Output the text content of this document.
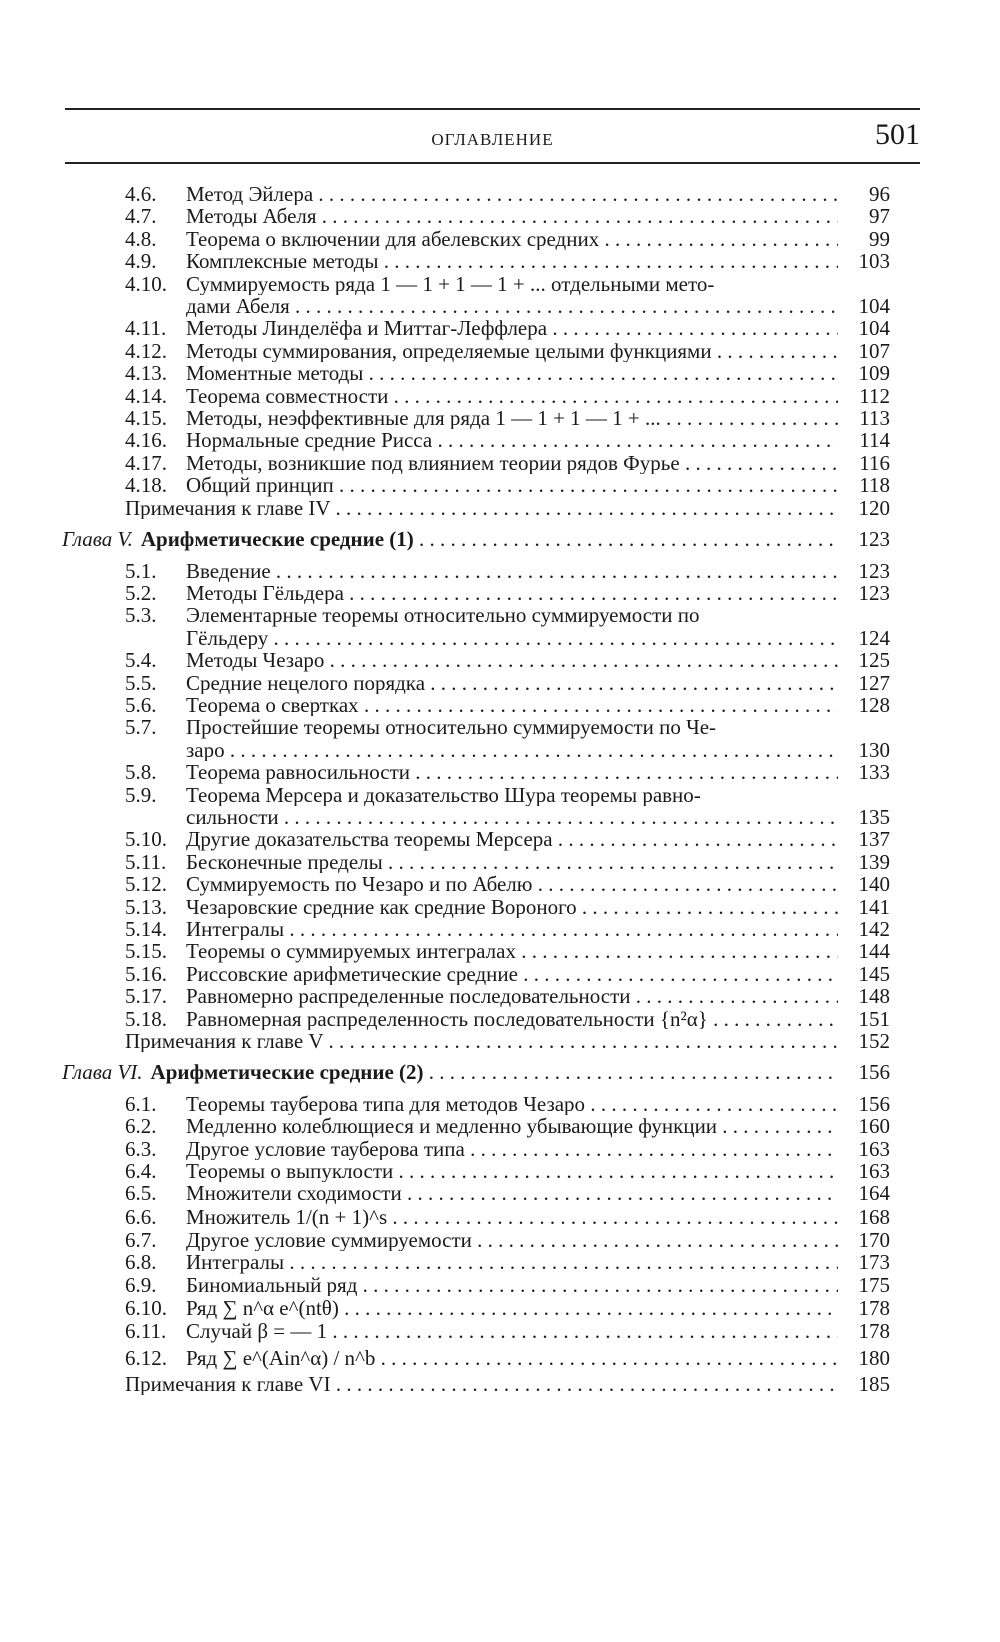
ОГЛАВЛЕНИЕ	501
4.6.	Метод Эйлера . . .	96
4.7.	Методы Абеля . . .	97
4.8.	Теорема о включении для абелевских средних . . .	99
4.9.	Комплексные методы . . .	103
4.10. Суммируемость ряда 1 — 1 + 1 — 1 + ... отдельными мето-
дами Абеля . . .	104
4.11. Методы Линделёфа и Миттаг-Леффлера . . .	104
4.12. Методы суммирования, определяемые целыми функциями . . .	107
4.13. Моментные методы . . .	109
4.14. Теорема совместности . . .	112
4.15. Методы, неэффективные для ряда 1 — 1 + 1 — 1 + ... . . .	113
4.16. Нормальные средние Рисса . . .	114
4.17. Методы, возникшие под влиянием теории рядов Фурье . . .	116
4.18. Общий принцип . . .	118
Примечания к главе IV . . .	120
Глава V. Арифметические средние (1) . . .	123
5.1.	Введение . . .	123
5.2.	Методы Гёльдера . . .	123
5.3.	Элементарные теоремы относительно суммируемости по
Гёльдеру . . .	124
5.4.	Методы Чезаро . . .	125
5.5.	Средние нецелого порядка . . .	127
5.6.	Теорема о свертках . . .	128
5.7.	Простейшие теоремы относительно суммируемости по Че-
заро . . .	130
5.8.	Теорема равносильности . . .	133
5.9.	Теорема Мерсера и доказательство Шура теоремы равно-
сильности . . .	135
5.10. Другие доказательства теоремы Мерсера . . .	137
5.11. Бесконечные пределы . . .	139
5.12. Суммируемость по Чезаро и по Абелю . . .	140
5.13. Чезаровские средние как средние Вороного . . .	141
5.14. Интегралы . . .	142
5.15. Теоремы о суммируемых интегралах . . .	144
5.16. Риссовские арифметические средние . . .	145
5.17. Равномерно распределенные последовательности . . .	148
5.18. Равномерная распределенность последовательности {n²α} . . .	151
Примечания к главе V . . .	152
Глава VI. Арифметические средние (2) . . .	156
6.1.	Теоремы тауберова типа для методов Чезаро . . .	156
6.2.	Медленно колеблющиеся и медленно убывающие функции . . .	160
6.3.	Другое условие тауберова типа . . .	163
6.4.	Теоремы о выпуклости . . .	163
6.5.	Множители сходимости . . .	164
6.6.	Множитель 1/(n + 1)^s . . .	168
6.7.	Другое условие суммируемости . . .	170
6.8.	Интегралы . . .	173
6.9.	Биномиальный ряд . . .	175
6.10. Ряд ∑ n^α e^(ntθ) . . .	178
6.11. Случай β = — 1 . . .	178
6.12. Ряд ∑ e^(Ain^α) / n^b . . .	180
Примечания к главе VI . . .	185
